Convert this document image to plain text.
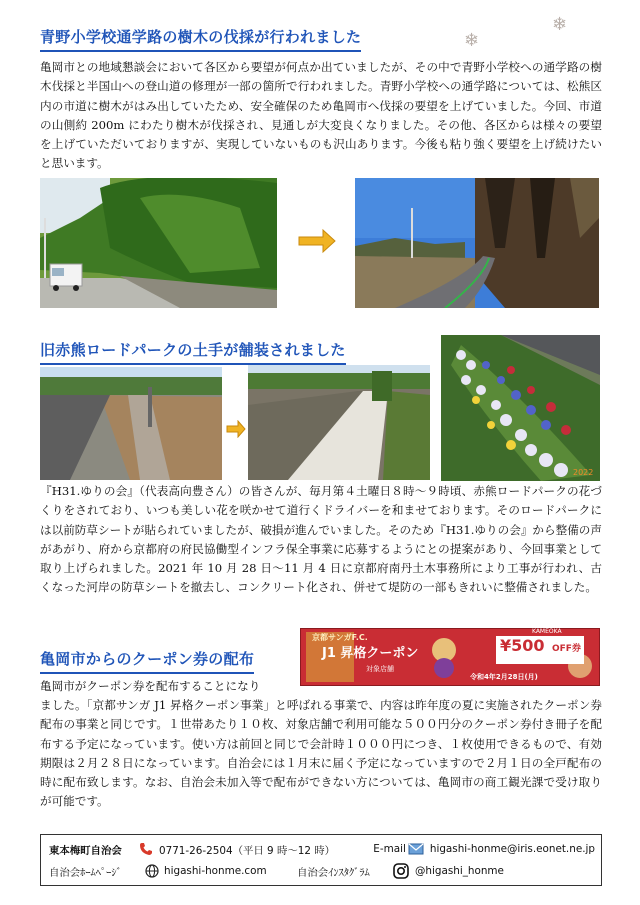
❄
❄
青野小学校通学路の樹木の伐採が行われました

亀岡市との地域懇談会において各区から要望が何点か出ていましたが、その中で青野小学校への通学路の樹木伐採と半国山への登山道の修理が一部の箇所で行われました。青野小学校への通学路については、松熊区内の市道に樹木がはみ出していたため、安全確保のため亀岡市へ伐採の要望を上げていました。今回、市道の山側約 200m にわたり樹木が伐採され、見通しが大変良くなりました。その他、各区からは様々の要望を上げていただいておりますが、実現していないものも沢山あります。今後も粘り強く要望を上げ続けたいと思います。

旧赤熊ロードパークの土手が舗装されました
2022

『H31.ゆりの会』（代表高向豊さん）の皆さんが、毎月第４土曜日８時～９時頃、赤熊ロードパークの花づくりをされており、いつも美しい花を咲かせて道行くドライバーを和ませております。そのロードパークには以前防草シートが貼られていましたが、破損が進んでいました。そのため『H31.ゆりの会』から整備の声があがり、府から京都府の府民協働型インフラ保全事業に応募するようにとの提案があり、今回事業として取り上げられました。2021 年 10 月 28 日～11 月 4 日に京都府南丹土木事務所により工事が行われ、古くなった河岸の防草シートを撤去し、コンクリート化され、併せて堤防の一部もきれいに整備されました。

亀岡市からのクーポン券の配布
京都サンガF.C.
J1 昇格クーポン	¥500 OFF券
KAMEOKA
対象店舗
令和4年2月28日(月)

亀岡市がクーポン券を配布することになり

ました。「京都サンガ J1 昇格クーポン事業」と呼ばれる事業で、内容は昨年度の夏に実施されたクーポン券配布の事業と同じです。１世帯あたり１０枚、対象店舗で利用可能な５００円分のクーポン券付き冊子を配布する予定になっています。使い方は前回と同じで会計時１０００円につき、１枚使用できるもので、有効期限は２月２８日になっています。自治会には１月末に届く予定になっていますので２月１日の全戸配布の時に配布致します。なお、自治会未加入等で配布ができない方については、亀岡市の商工観光課で受け取りが可能です。

東本梅町自治会	0771-26-2504（平日 9 時～12 時）	E-mail higashi-honme@iris.eonet.ne.jp
自治会ﾎｰﾑﾍﾟｰｼﾞ	higashi-honme.com	自治会ｲﾝｽﾀｸﾞﾗﾑ	@higashi_honme
